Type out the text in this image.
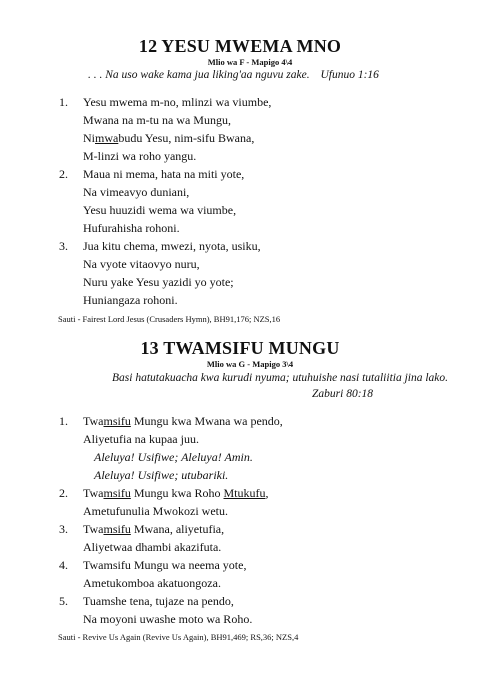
12 YESU MWEMA MNO
Mlio wa F - Mapigo 4\4
. . . Na uso wake kama jua liking'aa nguvu zake. Ufunuo 1:16
1. Yesu mwema m-no, mlinzi wa viumbe,
Mwana na m-tu na wa Mungu,
Nimwabudu Yesu, nim-sifu Bwana,
M-linzi wa roho yangu.
2. Maua ni mema, hata na miti yote,
Na vimeavyo duniani,
Yesu huuzidi wema wa viumbe,
Hufurahisha rohoni.
3. Jua kitu chema, mwezi, nyota, usiku,
Na vyote vitaovyo nuru,
Nuru yake Yesu yazidi yo yote;
Huniangaza rohoni.
Sauti - Fairest Lord Jesus (Crusaders Hymn), BH91,176; NZS,16
13 TWAMSIFU MUNGU
Mlio wa G - Mapigo 3\4
Basi hatutakuacha kwa kurudi nyuma; utuhuishe nasi tutaliitia jina lako.
Zaburi 80:18
1. Twamsifu Mungu kwa Mwana wa pendo,
Aliyetufia na kupaa juu.
Aleluya! Usifiwe; Aleluya! Amin.
Aleluya! Usifiwe; utubariki.
2. Twamsifu Mungu kwa Roho Mtukufu,
Ametufunulia Mwokozi wetu.
3. Twamsifu Mwana, aliyetufia,
Aliyetwaa dhambi akazifuta.
4. Twamsifu Mungu wa neema yote,
Ametukomboa akatuongoza.
5. Tuamshe tena, tujaze na pendo,
Na moyoni uwashe moto wa Roho.
Sauti - Revive Us Again (Revive Us Again), BH91,469; RS,36; NZS,4
